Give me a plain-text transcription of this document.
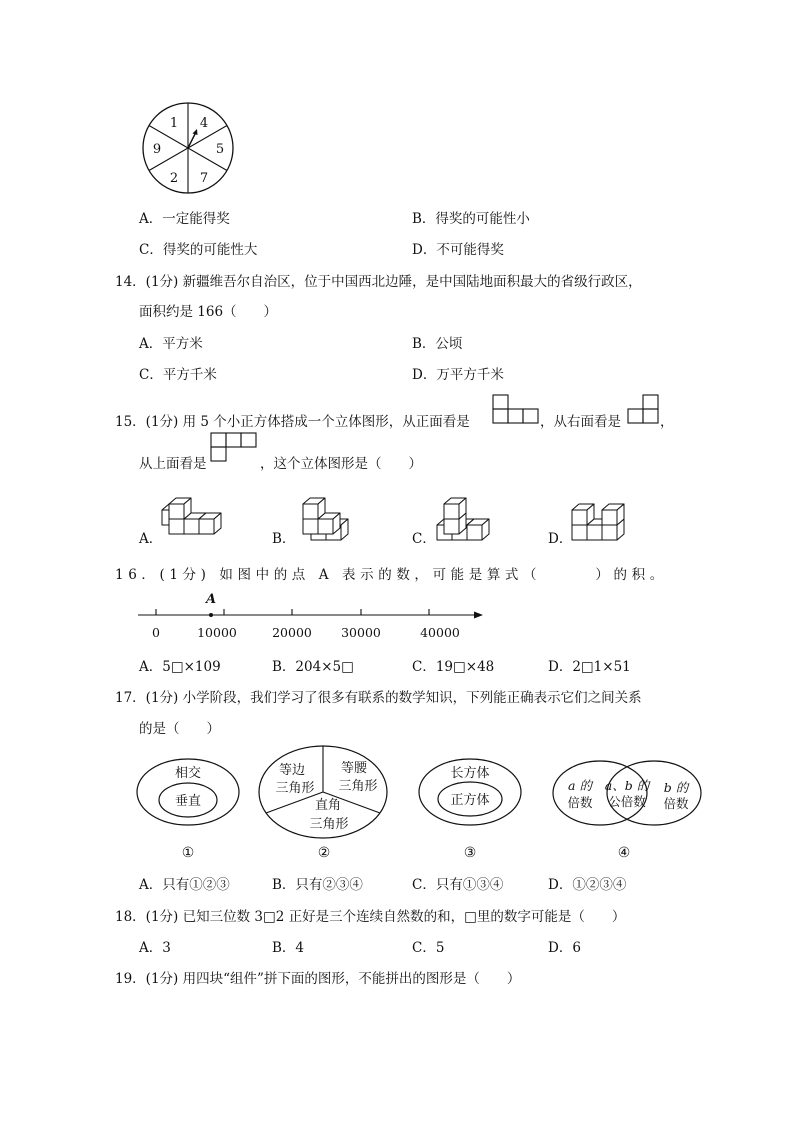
1 4
9	5
2 7
A．一定能得奖	B．得奖的可能性小
C．得奖的可能性大	D．不可能得奖
14．(1分) 新疆维吾尔自治区，位于中国西北边陲，是中国陆地面积最大的省级行政区，
面积约是 166（　　）
A．平方米	B．公顷
C．平方千米	D．万平方千米
15．(1分) 用 5 个小正方体搭成一个立体图形，从正面看是	，从右面看是	，
从上面看是	，这个立体图形是（　　）
A．	B．	C．	D．
16．(1分) 如图中的点 A 表示的数，可能是算式（　　　）的积。
A
0	10000	20000 30000	40000
A．5□×109	B．204×5□	C．19□×48	D．2□1×51
17．(1分) 小学阶段，我们学习了很多有联系的数学知识，下列能正确表示它们之间关系
的是（　　）
相交
垂直
①
等边
三角形
等腰
三角形
直角
三角形
②
长方体
正方体
③
a 的
倍数
a、b 的
公倍数
b 的
倍数
④
A．只有①②③	B．只有②③④	C．只有①③④	D．①②③④
18．(1分) 已知三位数 3□2 正好是三个连续自然数的和，□里的数字可能是（　　）
A．3	B．4	C．5	D．6
19．(1分) 用四块“组件”拼下面的图形，不能拼出的图形是（　　）
